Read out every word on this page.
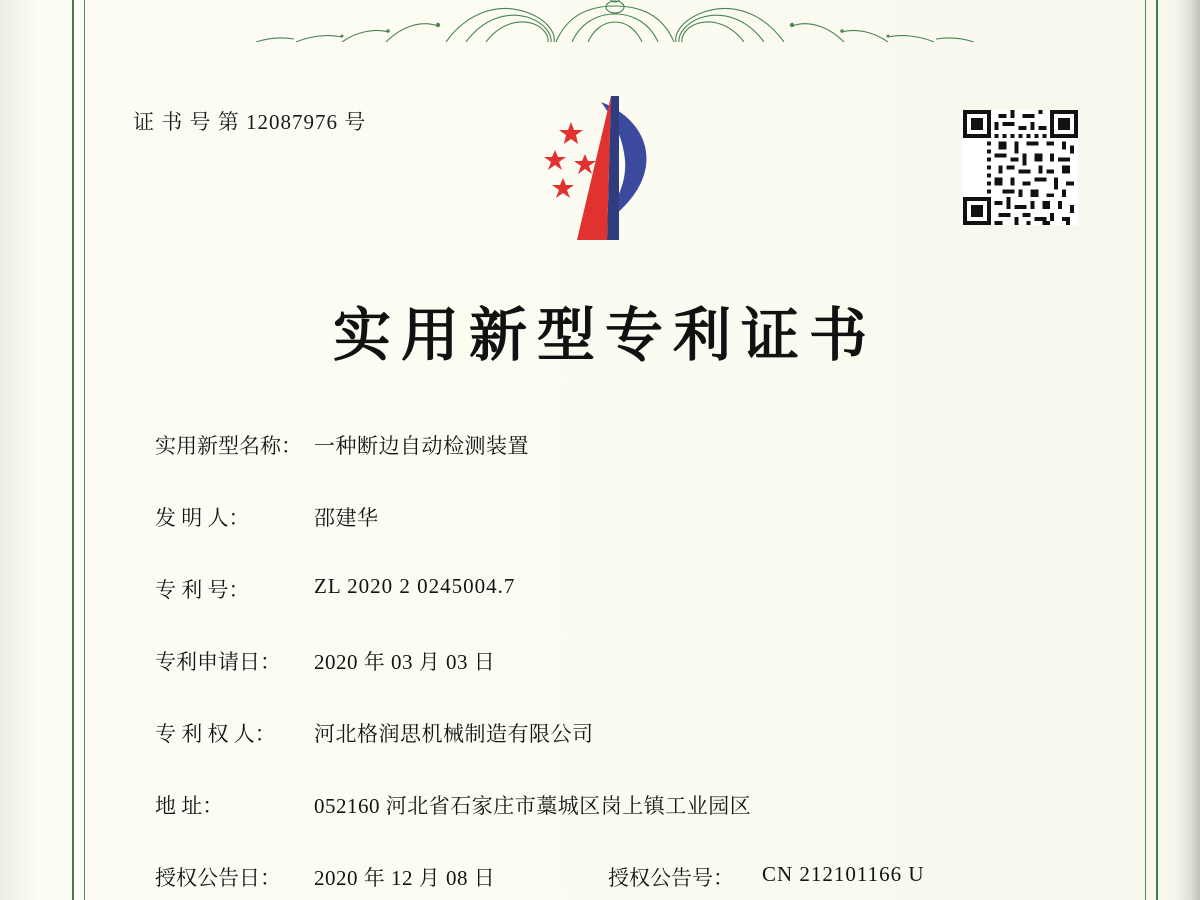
证 书 号 第 12087976 号
实用新型专利证书
实用新型名称： 一种断边自动检测装置
发 明 人：	邵建华
专 利 号：	ZL 2020 2 0245004.7
专利申请日：	2020 年 03 月 03 日
专 利 权 人：	河北格润思机械制造有限公司
地 址：	052160 河北省石家庄市藁城区岗上镇工业园区
授权公告日：	2020 年 12 月 08 日	授权公告号： CN 212101166 U
